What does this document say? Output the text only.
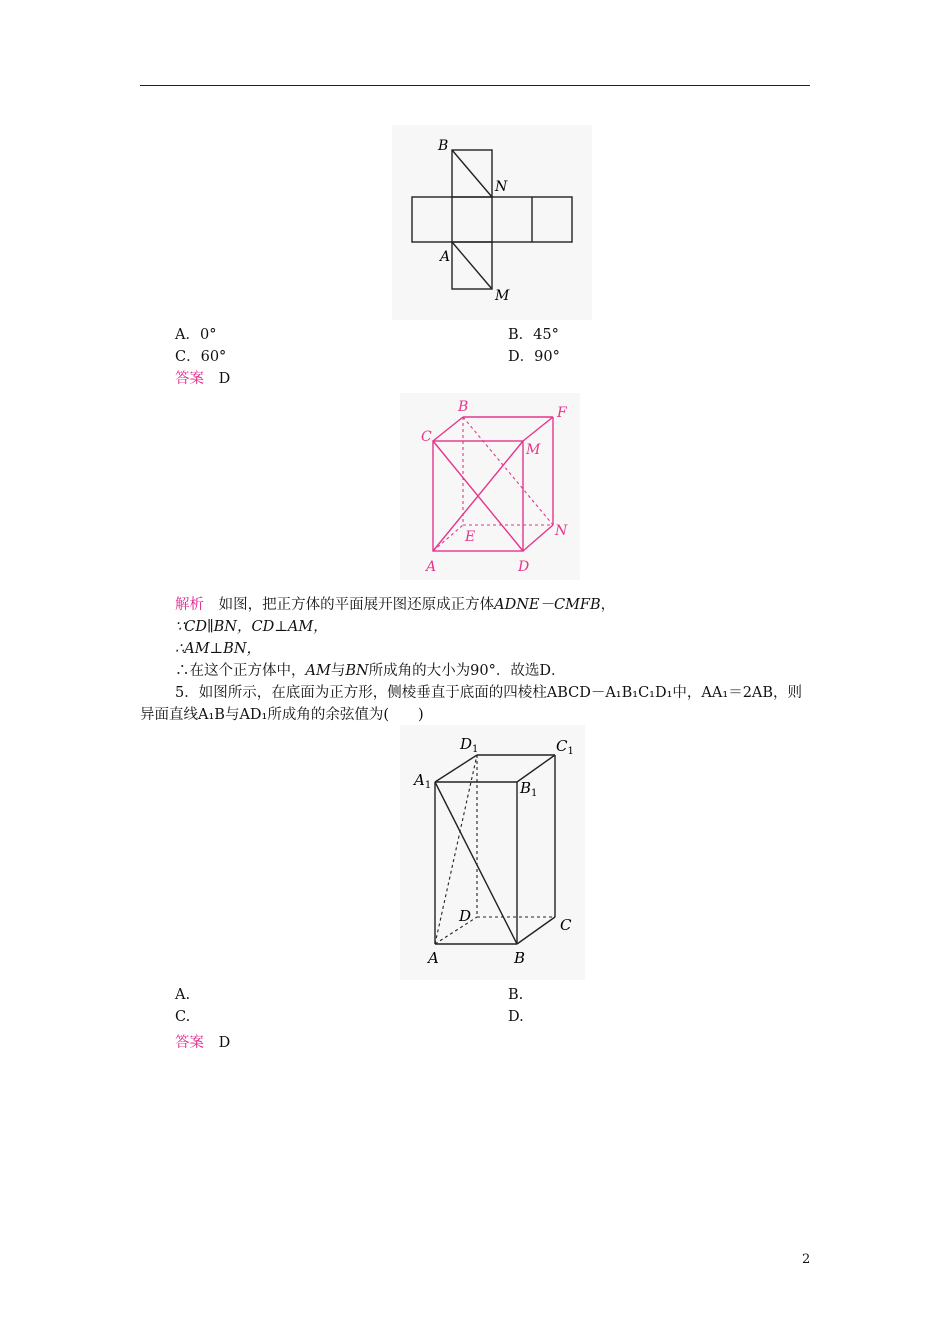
B
N
A
M
A．0°	B．45°
C．60°	D．90°
答案 D
B	F
C
M
E	N
A	D
解析 如图，把正方体的平面展开图还原成正方体ADNE－CMFB，
∵CD∥BN，CD⊥AM，
∴AM⊥BN，
∴在这个正方体中，AM与BN所成角的大小为90°．故选D．
5．如图所示，在底面为正方形，侧棱垂直于底面的四棱柱ABCD－A₁B₁C₁D₁中，AA₁＝2AB，则
异面直线A₁B与AD₁所成角的余弦值为(　　)
$D_1$	$C_1$
$A_1$	$B_1$
D	C
A	B
A.	B.
C.	D.
答案 D
2
